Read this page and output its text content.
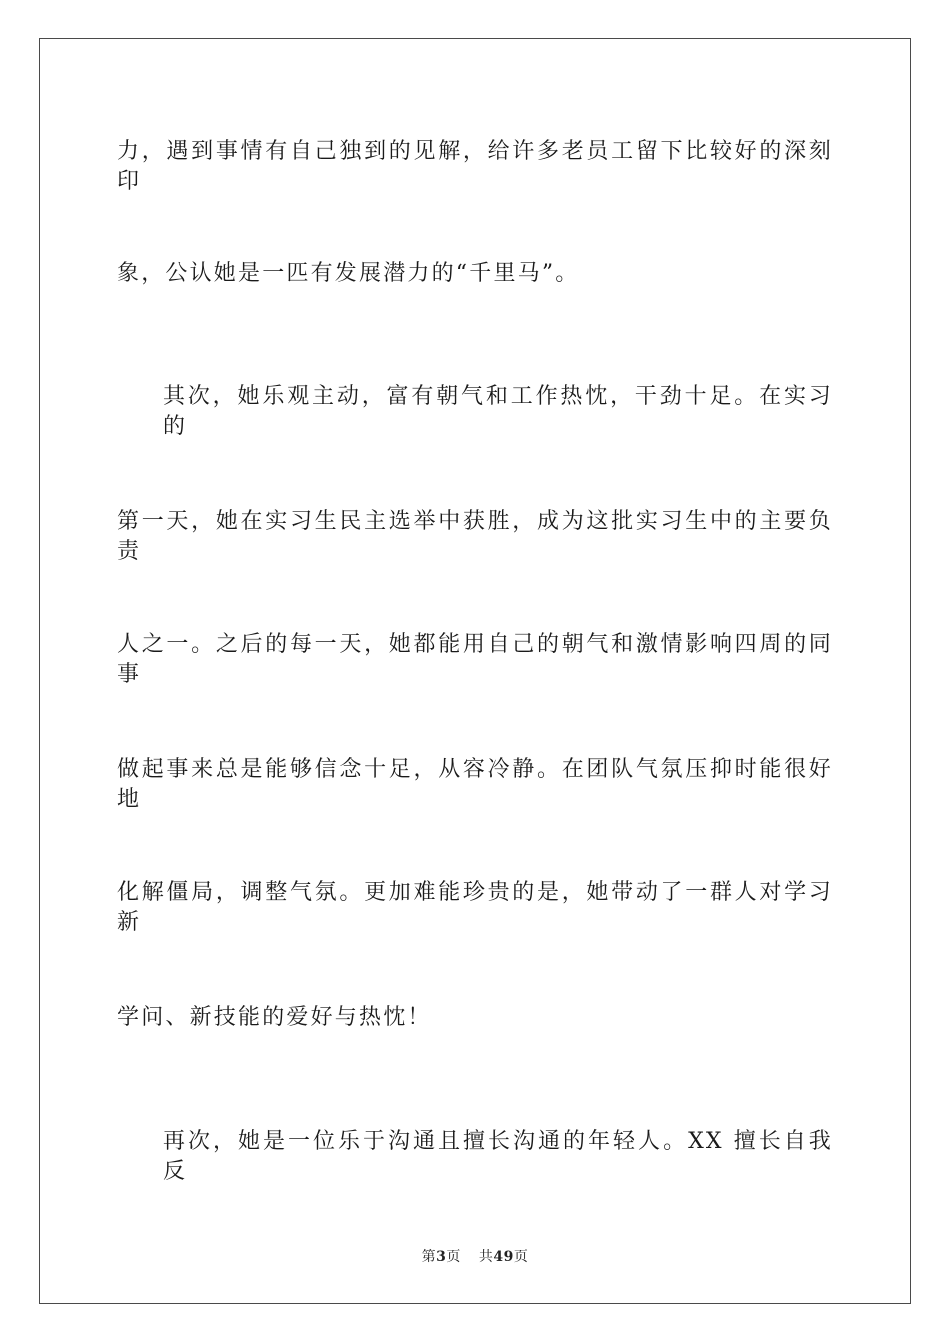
力，遇到事情有自己独到的见解，给许多老员工留下比较好的深刻印
象，公认她是一匹有发展潜力的“千里马”。
其次，她乐观主动，富有朝气和工作热忱，干劲十足。在实习的
第一天，她在实习生民主选举中获胜，成为这批实习生中的主要负责
人之一。之后的每一天，她都能用自己的朝气和激情影响四周的同事
做起事来总是能够信念十足，从容冷静。在团队气氛压抑时能很好地
化解僵局，调整气氛。更加难能珍贵的是，她带动了一群人对学习新
学问、新技能的爱好与热忱！
再次，她是一位乐于沟通且擅长沟通的年轻人。XX 擅长自我反
第3页 共49页
